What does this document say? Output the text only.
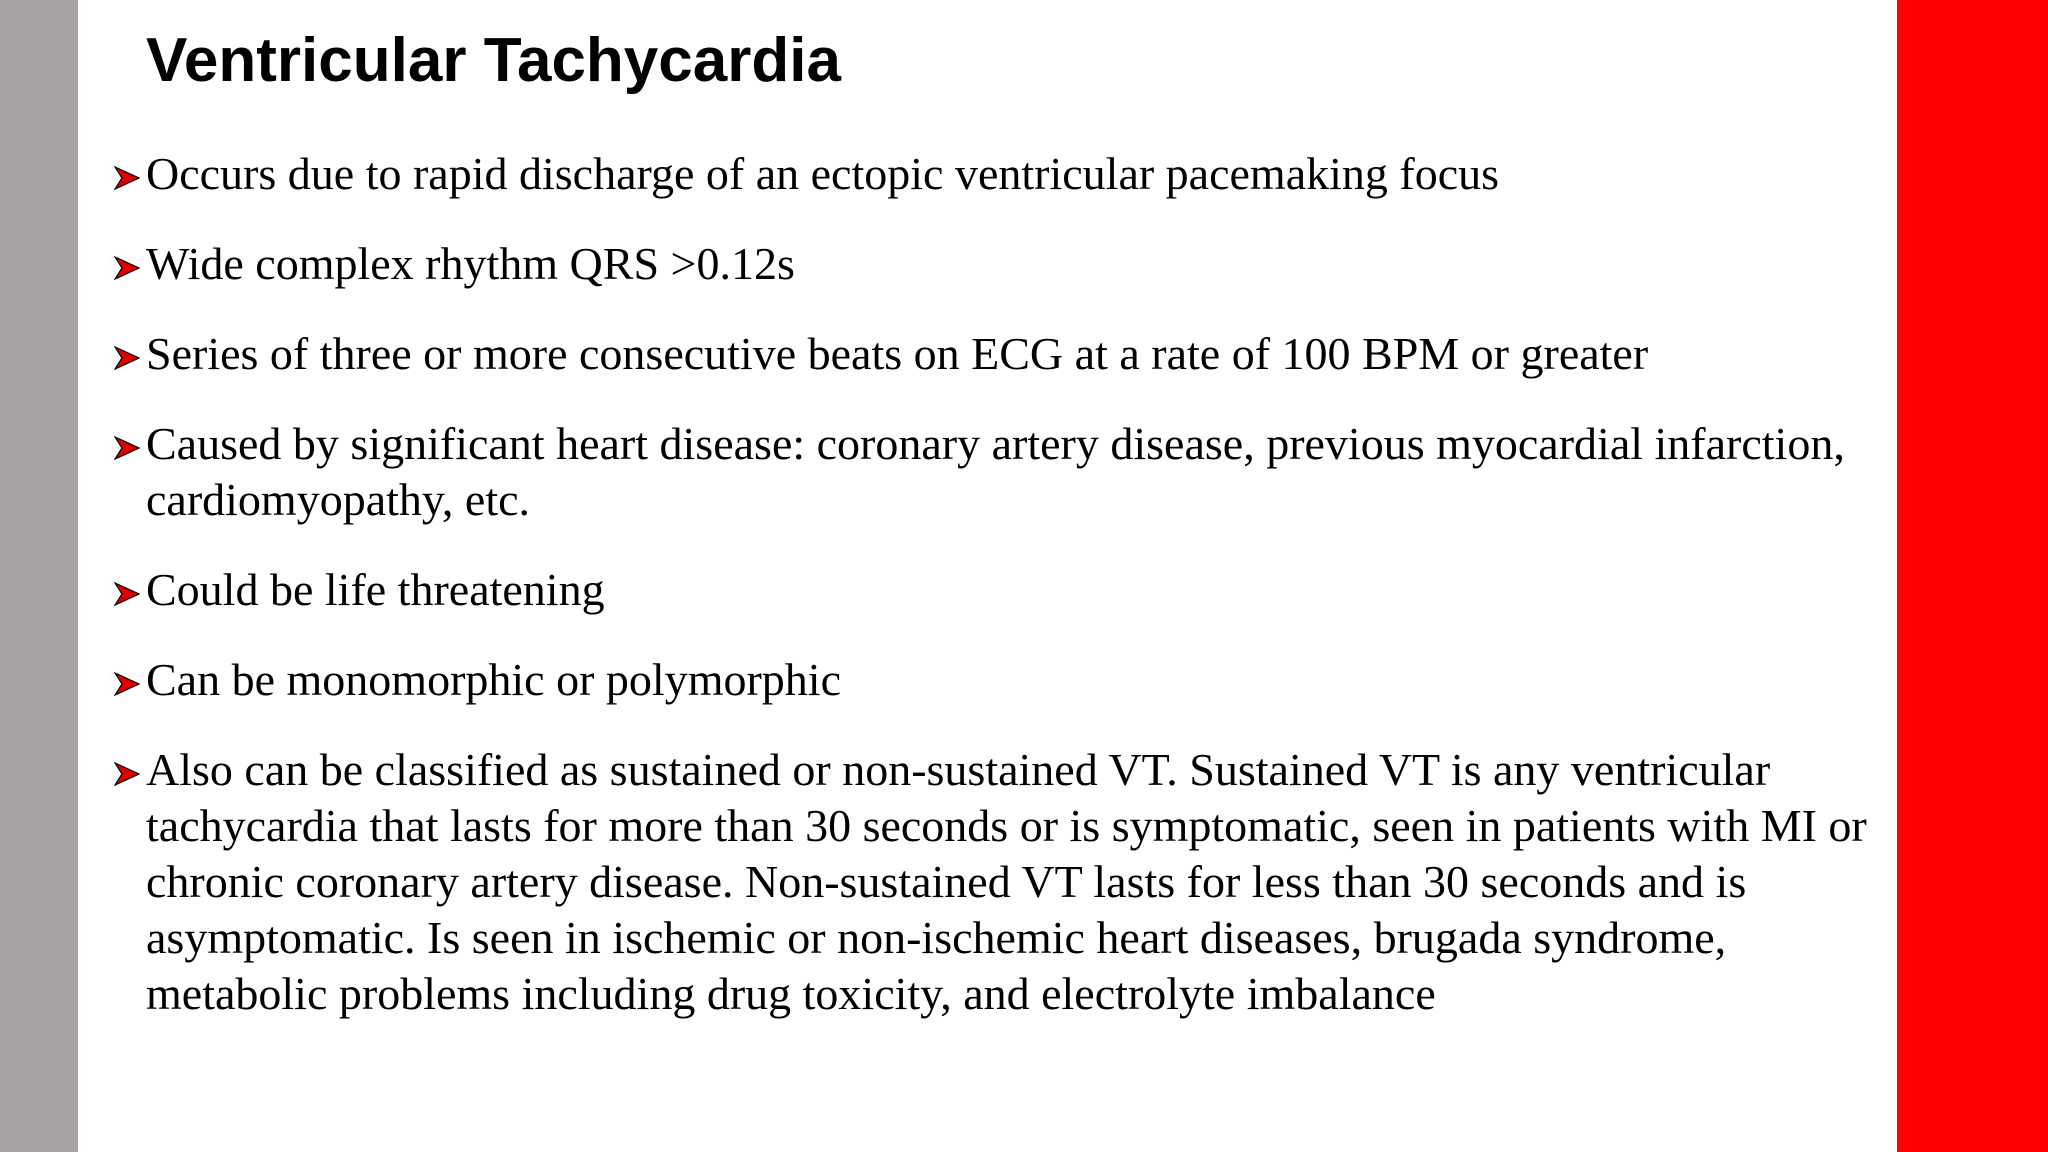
Ventricular Tachycardia
Occurs due to rapid discharge of an ectopic ventricular pacemaking focus
Wide complex rhythm QRS >0.12s
Series of three or more consecutive beats on ECG at a rate of 100 BPM or greater
Caused by significant heart disease: coronary artery disease, previous myocardial infarction, cardiomyopathy, etc.
Could be life threatening
Can be monomorphic or polymorphic
Also can be classified as sustained or non-sustained VT. Sustained VT is any ventricular tachycardia that lasts for more than 30 seconds or is symptomatic, seen in patients with MI or chronic coronary artery disease. Non-sustained VT lasts for less than 30 seconds and is asymptomatic. Is seen in ischemic or non-ischemic heart diseases, brugada syndrome, metabolic problems including drug toxicity, and electrolyte imbalance
